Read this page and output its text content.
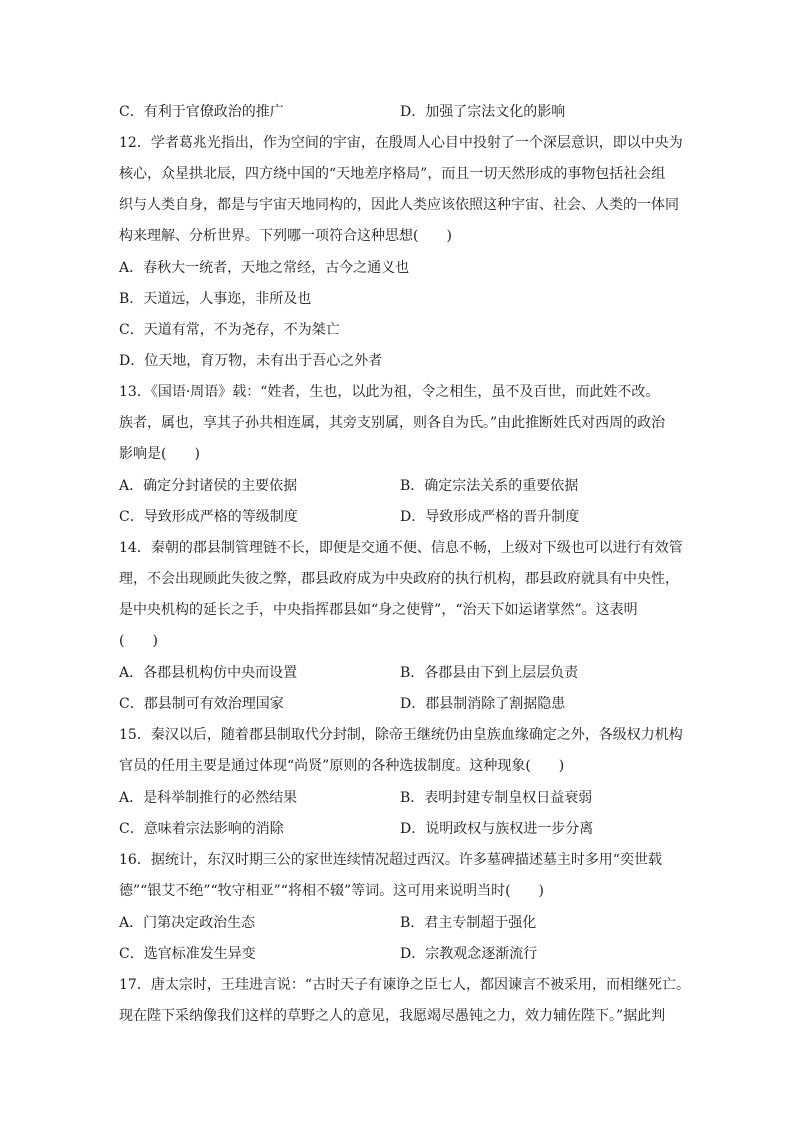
C．有利于官僚政治的推广	D．加强了宗法文化的影响
12．学者葛兆光指出，作为空间的宇宙，在殷周人心目中投射了一个深层意识，即以中央为
核心，众星拱北辰，四方绕中国的“天地差序格局”，而且一切天然形成的事物包括社会组
织与人类自身，都是与宇宙天地同构的，因此人类应该依照这种宇宙、社会、人类的一体同
构来理解、分析世界。下列哪一项符合这种思想(　　)
A．春秋大一统者，天地之常经，古今之通义也
B．天道远，人事迩，非所及也
C．天道有常，不为尧存，不为桀亡
D．位天地，育万物，未有出于吾心之外者
13．《国语·周语》载：“姓者，生也，以此为祖，令之相生，虽不及百世，而此姓不改。
族者，属也，享其子孙共相连属，其旁支别属，则各自为氏。”由此推断姓氏对西周的政治
影响是(　　)
A．确定分封诸侯的主要依据	B．确定宗法关系的重要依据
C．导致形成严格的等级制度	D．导致形成严格的晋升制度
14．秦朝的郡县制管理链不长，即便是交通不便、信息不畅，上级对下级也可以进行有效管
理，不会出现顾此失彼之弊，郡县政府成为中央政府的执行机构，郡县政府就具有中央性，
是中央机构的延长之手，中央指挥郡县如“身之使臂”，“治天下如运诸掌然”。这表明
(　　)
A．各郡县机构仿中央而设置	B．各郡县由下到上层层负责
C．郡县制可有效治理国家	D．郡县制消除了割据隐患
15．秦汉以后，随着郡县制取代分封制，除帝王继统仍由皇族血缘确定之外，各级权力机构
官员的任用主要是通过体现“尚贤”原则的各种选拔制度。这种现象(　　)
A．是科举制推行的必然结果	B．表明封建专制皇权日益衰弱
C．意味着宗法影响的消除	D．说明政权与族权进一步分离
16．据统计，东汉时期三公的家世连续情况超过西汉。许多墓碑描述墓主时多用“奕世载
德”“银艾不绝”“牧守相亚”“将相不辍”等词。这可用来说明当时(　　)
A．门第决定政治生态	B．君主专制超于强化
C．选官标准发生异变	D．宗教观念逐渐流行
17．唐太宗时，王珪进言说：“古时天子有谏诤之臣七人，都因谏言不被采用，而相继死亡。
现在陛下采纳像我们这样的草野之人的意见，我愿竭尽愚钝之力，效力辅佐陛下。”据此判
